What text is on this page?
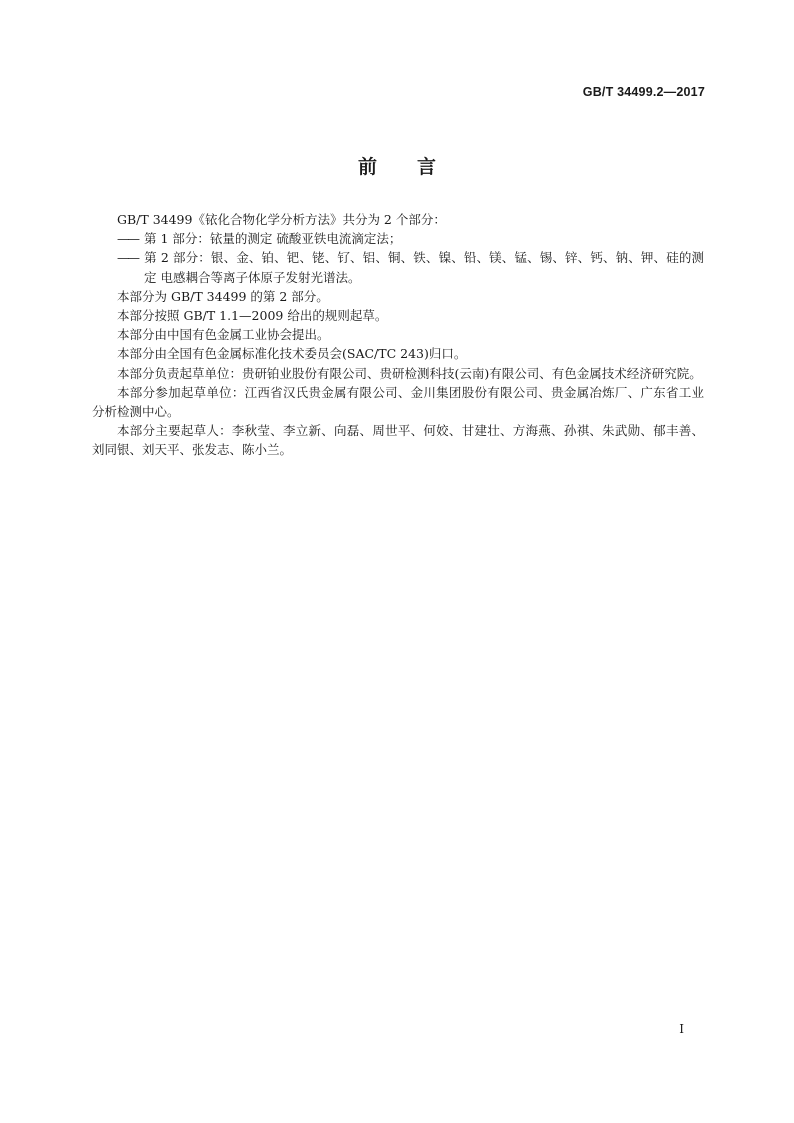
GB/T 34499.2—2017
前 言

GB/T 34499《铱化合物化学分析方法》共分为 2 个部分：

—— 第 1 部分：铱量的测定 硫酸亚铁电流滴定法；

—— 第 2 部分：银、金、铂、钯、铑、钌、铝、铜、铁、镍、铅、镁、锰、锡、锌、钙、钠、钾、硅的测定 电感耦合等离子体原子发射光谱法。

本部分为 GB/T 34499 的第 2 部分。

本部分按照 GB/T 1.1—2009 给出的规则起草。

本部分由中国有色金属工业协会提出。

本部分由全国有色金属标准化技术委员会(SAC/TC 243)归口。

本部分负责起草单位：贵研铂业股份有限公司、贵研检测科技(云南)有限公司、有色金属技术经济研究院。

本部分参加起草单位：江西省汉氏贵金属有限公司、金川集团股份有限公司、贵金属冶炼厂、广东省工业分析检测中心。

本部分主要起草人：李秋莹、李立新、向磊、周世平、何姣、甘建壮、方海燕、孙祺、朱武勋、郁丰善、刘同银、刘天平、张发志、陈小兰。

I
